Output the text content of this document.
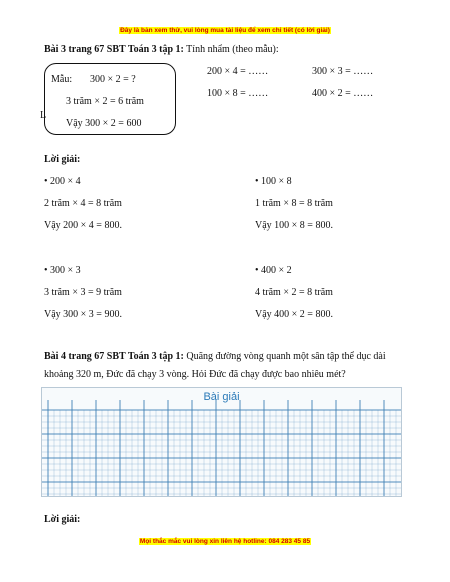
Đây là bản xem thử, vui lòng mua tài liệu để xem chi tiết (có lời giải)
Bài 3 trang 67 SBT Toán 3 tập 1: Tính nhẩm (theo mẫu):
Mẫu: 300 × 2 = ?
3 trăm × 2 = 6 trăm
Vậy 300 × 2 = 600
L
200 × 4 = ……	300 × 3 = ……
100 × 8 = ……	400 × 2 = ……
Lời giải:
• 200 × 4
2 trăm × 4 = 8 trăm
Vậy 200 × 4 = 800.
• 100 × 8
1 trăm × 8 = 8 trăm
Vậy 100 × 8 = 800.
• 300 × 3
3 trăm × 3 = 9 trăm
Vậy 300 × 3 = 900.
• 400 × 2
4 trăm × 2 = 8 trăm
Vậy 400 × 2 = 800.
Bài 4 trang 67 SBT Toán 3 tập 1: Quãng đường vòng quanh một sân tập thể dục dài khoảng 320 m, Đức đã chạy 3 vòng. Hỏi Đức đã chạy được bao nhiêu mét?
Bài giải
Lời giải:
Mọi thắc mắc vui lòng xin liên hệ hotline: 084 283 45 85
